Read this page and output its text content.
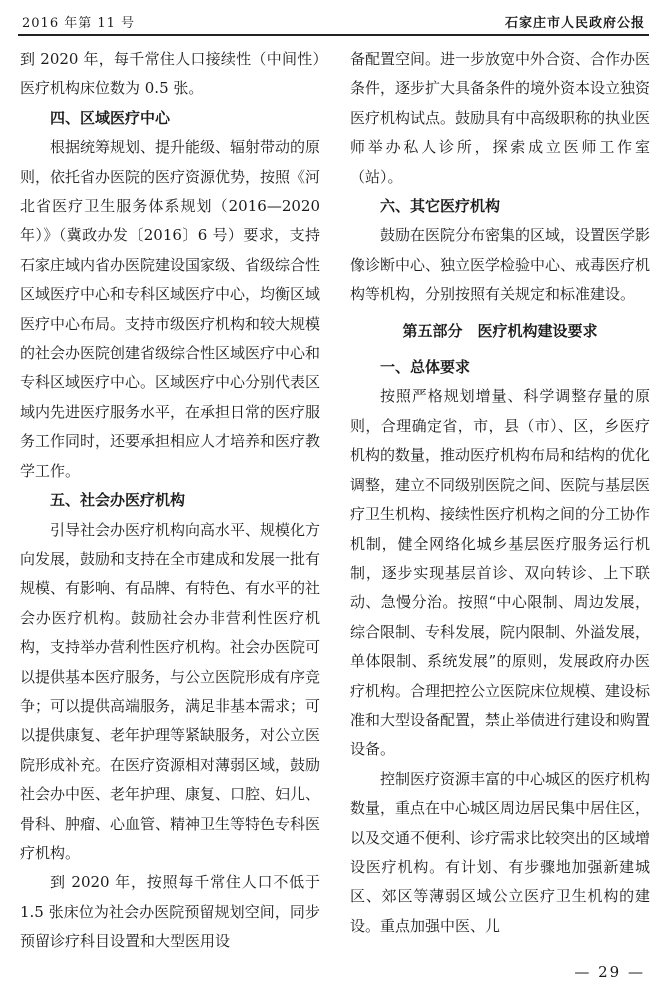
2016 年第 11 号	石家庄市人民政府公报

到 2020 年，每千常住人口接续性（中间性）医疗机构床位数为 0.5 张。

四、区域医疗中心

根据统筹规划、提升能级、辐射带动的原则，依托省办医院的医疗资源优势，按照《河北省医疗卫生服务体系规划（2016—2020 年）》（冀政办发〔2016〕6 号）要求，支持石家庄域内省办医院建设国家级、省级综合性区域医疗中心和专科区域医疗中心，均衡区域医疗中心布局。支持市级医疗机构和较大规模的社会办医院创建省级综合性区域医疗中心和专科区域医疗中心。区域医疗中心分别代表区域内先进医疗服务水平，在承担日常的医疗服务工作同时，还要承担相应人才培养和医疗教学工作。

五、社会办医疗机构

引导社会办医疗机构向高水平、规模化方向发展，鼓励和支持在全市建成和发展一批有规模、有影响、有品牌、有特色、有水平的社会办医疗机构。鼓励社会办非营利性医疗机构，支持举办营利性医疗机构。社会办医院可以提供基本医疗服务，与公立医院形成有序竞争；可以提供高端服务，满足非基本需求；可以提供康复、老年护理等紧缺服务，对公立医院形成补充。在医疗资源相对薄弱区域，鼓励社会办中医、老年护理、康复、口腔、妇儿、骨科、肿瘤、心血管、精神卫生等特色专科医疗机构。

到 2020 年，按照每千常住人口不低于 1.5 张床位为社会办医院预留规划空间，同步预留诊疗科目设置和大型医用设

备配置空间。进一步放宽中外合资、合作办医条件，逐步扩大具备条件的境外资本设立独资医疗机构试点。鼓励具有中高级职称的执业医师举办私人诊所，探索成立医师工作室（站）。

六、其它医疗机构

鼓励在医院分布密集的区域，设置医学影像诊断中心、独立医学检验中心、戒毒医疗机构等机构，分别按照有关规定和标准建设。

第五部分　医疗机构建设要求

一、总体要求

按照严格规划增量、科学调整存量的原则，合理确定省，市，县（市）、区，乡医疗机构的数量，推动医疗机构布局和结构的优化调整，建立不同级别医院之间、医院与基层医疗卫生机构、接续性医疗机构之间的分工协作机制，健全网络化城乡基层医疗服务运行机制，逐步实现基层首诊、双向转诊、上下联动、急慢分治。按照“中心限制、周边发展，综合限制、专科发展，院内限制、外溢发展，单体限制、系统发展”的原则，发展政府办医疗机构。合理把控公立医院床位规模、建设标准和大型设备配置，禁止举债进行建设和购置设备。

控制医疗资源丰富的中心城区的医疗机构数量，重点在中心城区周边居民集中居住区，以及交通不便利、诊疗需求比较突出的区域增设医疗机构。有计划、有步骤地加强新建城区、郊区等薄弱区域公立医疗卫生机构的建设。重点加强中医、儿

— 29 —
